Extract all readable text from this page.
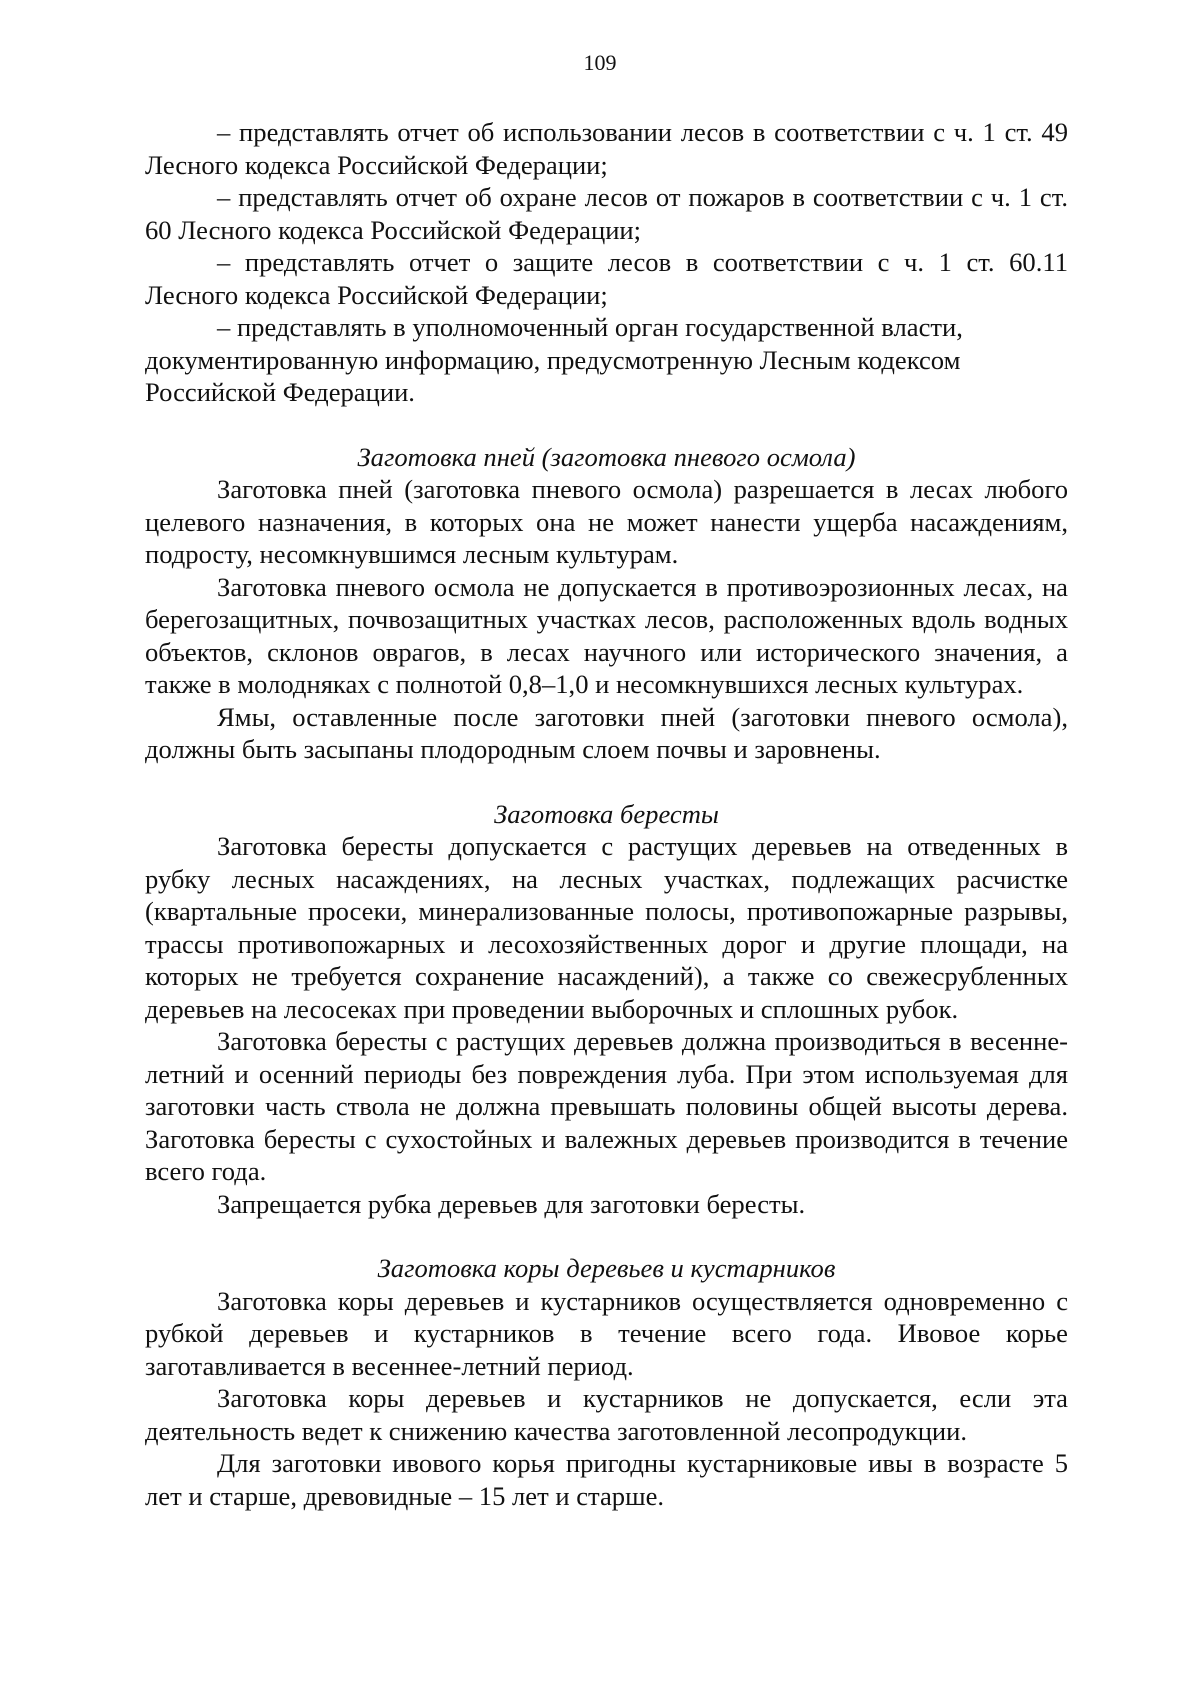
109

– представлять отчет об использовании лесов в соответствии с ч. 1 ст. 49 Лесного кодекса Российской Федерации;

– представлять отчет об охране лесов от пожаров в соответствии с ч. 1 ст. 60 Лесного кодекса Российской Федерации;

– представлять отчет о защите лесов в соответствии с ч. 1 ст. 60.11 Лесного кодекса Российской Федерации;

– представлять в уполномоченный орган государственной власти, документированную информацию, предусмотренную Лесным кодексом Российской Федерации.

Заготовка пней (заготовка пневого осмола)

Заготовка пней (заготовка пневого осмола) разрешается в лесах любого целевого назначения, в которых она не может нанести ущерба насаждениям, подросту, несомкнувшимся лесным культурам.

Заготовка пневого осмола не допускается в противоэрозионных лесах, на берегозащитных, почвозащитных участках лесов, расположенных вдоль водных объектов, склонов оврагов, в лесах научного или исторического значения, а также в молодняках с полнотой 0,8–1,0 и несомкнувшихся лесных культурах.

Ямы, оставленные после заготовки пней (заготовки пневого осмола), должны быть засыпаны плодородным слоем почвы и заровнены.

Заготовка бересты

Заготовка бересты допускается с растущих деревьев на отведенных в рубку лесных насаждениях, на лесных участках, подлежащих расчистке (квартальные просеки, минерализованные полосы, противопожарные разрывы, трассы противопожарных и лесохозяйственных дорог и другие площади, на которых не требуется сохранение насаждений), а также со свежесрубленных деревьев на лесосеках при проведении выборочных и сплошных рубок.

Заготовка бересты с растущих деревьев должна производиться в весенне-летний и осенний периоды без повреждения луба. При этом используемая для заготовки часть ствола не должна превышать половины общей высоты дерева. Заготовка бересты с сухостойных и валежных деревьев производится в течение всего года.

Запрещается рубка деревьев для заготовки бересты.

Заготовка коры деревьев и кустарников

Заготовка коры деревьев и кустарников осуществляется одновременно с рубкой деревьев и кустарников в течение всего года. Ивовое корье заготавливается в весеннее-летний период.

Заготовка коры деревьев и кустарников не допускается, если эта деятельность ведет к снижению качества заготовленной лесопродукции.

Для заготовки ивового корья пригодны кустарниковые ивы в возрасте 5 лет и старше, древовидные – 15 лет и старше.
